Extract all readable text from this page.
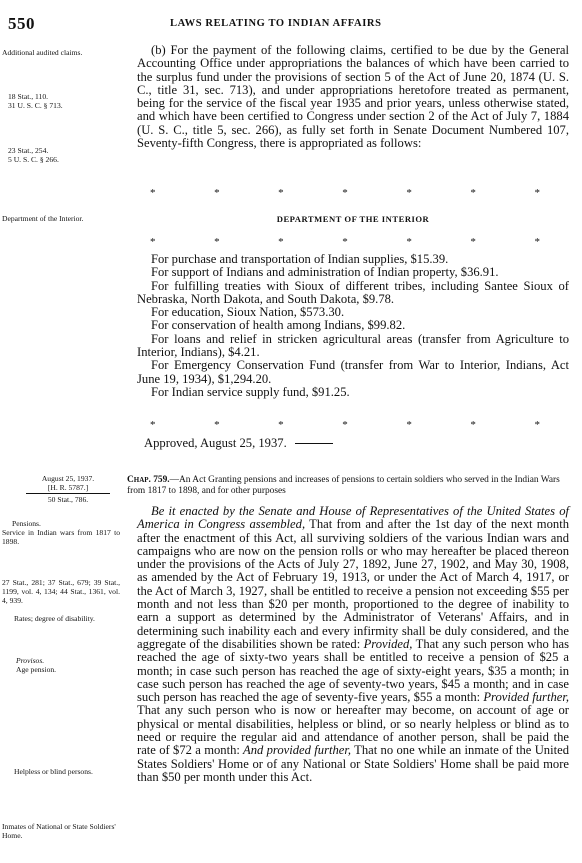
550	LAWS RELATING TO INDIAN AFFAIRS
Additional audited claims.
18 Stat., 110.
31 U. S. C. § 713.
23 Stat., 254.
5 U. S. C. § 266.

(b) For the payment of the following claims, certified to be due by the General Accounting Office under appropriations the balances of which have been carried to the surplus fund under the provisions of section 5 of the Act of June 20, 1874 (U. S. C., title 31, sec. 713), and under appropriations heretofore treated as permanent, being for the service of the fiscal year 1935 and prior years, unless otherwise stated, and which have been certified to Congress under section 2 of the Act of July 7, 1884 (U. S. C., title 5, sec. 266), as fully set forth in Senate Document Numbered 107, Seventy-fifth Congress, there is appropriated as follows:

*	*	*	*	*	*	*
Department of the Interior.	DEPARTMENT OF THE INTERIOR
*	*	*	*	*	*	*

For purchase and transportation of Indian supplies, $15.39.

For support of Indians and administration of Indian property, $36.91.

For fulfilling treaties with Sioux of different tribes, including Santee Sioux of Nebraska, North Dakota, and South Dakota, $9.78.

For education, Sioux Nation, $573.30.

For conservation of health among Indians, $99.82.

For loans and relief in stricken agricultural areas (transfer from Agriculture to Interior, Indians), $4.21.

For Emergency Conservation Fund (transfer from War to Interior, Indians, Act June 19, 1934), $1,294.20.

For Indian service supply fund, $91.25.

*	*	*	*	*	*	*
Approved, August 25, 1937.
August 25, 1937.
[H. R. 5787.]
50 Stat., 786.
Chap. 759.—An Act Granting pensions and increases of pensions to certain soldiers who served in the Indian Wars from 1817 to 1898, and for other purposes
Pensions.
Service in Indian wars from 1817 to 1898.
27 Stat., 281; 37 Stat., 679; 39 Stat., 1199, vol. 4, 134; 44 Stat., 1361, vol. 4, 939.
Rates; degree of disability.
Provisos.
Age pension.
Helpless or blind persons.
Inmates of National or State Soldiers' Home.

Be it enacted by the Senate and House of Representatives of the United States of America in Congress assembled, That from and after the 1st day of the next month after the enactment of this Act, all surviving soldiers of the various Indian wars and campaigns who are now on the pension rolls or who may hereafter be placed thereon under the provisions of the Acts of July 27, 1892, June 27, 1902, and May 30, 1908, as amended by the Act of February 19, 1913, or under the Act of March 4, 1917, or the Act of March 3, 1927, shall be entitled to receive a pension not exceeding $55 per month and not less than $20 per month, proportioned to the degree of inability to earn a support as determined by the Administrator of Veterans' Affairs, and in determining such inability each and every infirmity shall be duly considered, and the aggregate of the disabilities shown be rated: Provided, That any such person who has reached the age of sixty-two years shall be entitled to receive a pension of $25 a month; in case such person has reached the age of sixty-eight years, $35 a month; in case such person has reached the age of seventy-two years, $45 a month; and in case such person has reached the age of seventy-five years, $55 a month: Provided further, That any such person who is now or hereafter may become, on account of age or physical or mental disabilities, helpless or blind, or so nearly helpless or blind as to need or require the regular aid and attendance of another person, shall be paid the rate of $72 a month: And provided further, That no one while an inmate of the United States Soldiers' Home or of any National or State Soldiers' Home shall be paid more than $50 per month under this Act.
